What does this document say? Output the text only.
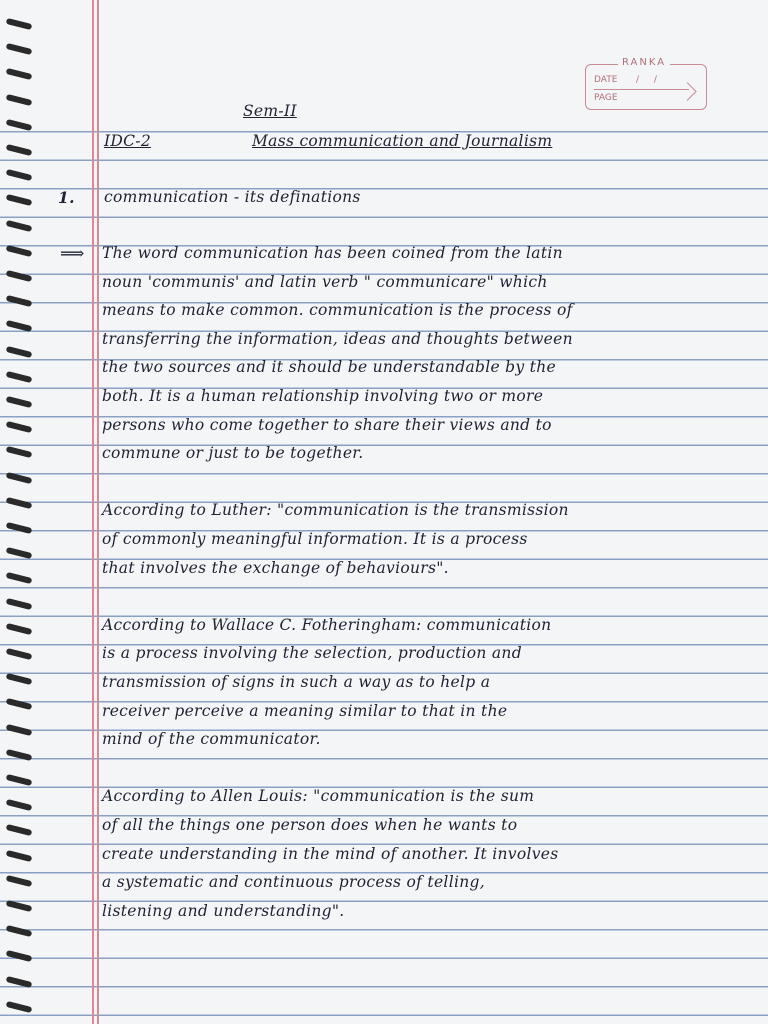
RANKA
DATE / /
PAGE
Sem-II
IDC-2	Mass communication and Journalism
1. communication - its definations
⟹ The word communication has been coined from the latin
noun 'communis' and latin verb " communicare" which
means to make common. communication is the process of
transferring the information, ideas and thoughts between
the two sources and it should be understandable by the
both. It is a human relationship involving two or more
persons who come together to share their views and to
commune or just to be together.
According to Luther: "communication is the transmission
of commonly meaningful information. It is a process
that involves the exchange of behaviours".
According to Wallace C. Fotheringham: communication
is a process involving the selection, production and
transmission of signs in such a way as to help a
receiver perceive a meaning similar to that in the
mind of the communicator.
According to Allen Louis: "communication is the sum
of all the things one person does when he wants to
create understanding in the mind of another. It involves
a systematic and continuous process of telling,
listening and understanding".
